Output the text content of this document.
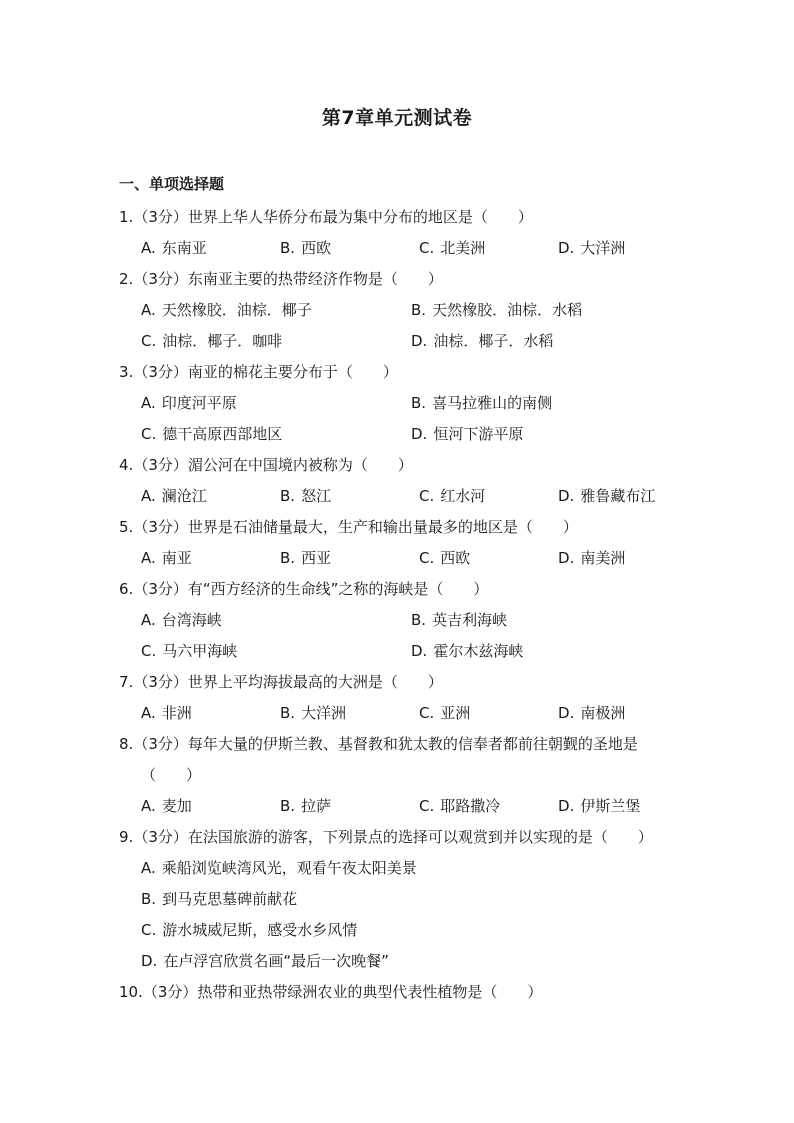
第7章单元测试卷
一、单项选择题
1.（3分）世界上华人华侨分布最为集中分布的地区是（　　）
A. 东南亚	B. 西欧	C. 北美洲	D. 大洋洲
2.（3分）东南亚主要的热带经济作物是（　　）
A. 天然橡胶．油棕．椰子	B. 天然橡胶．油棕．水稻
C. 油棕．椰子．咖啡	D. 油棕．椰子．水稻
3.（3分）南亚的棉花主要分布于（　　）
A. 印度河平原	B. 喜马拉雅山的南侧
C. 德干高原西部地区	D. 恒河下游平原
4.（3分）湄公河在中国境内被称为（　　）
A. 澜沧江	B. 怒江	C. 红水河	D. 雅鲁藏布江
5.（3分）世界是石油储量最大，生产和输出量最多的地区是（　　）
A. 南亚	B. 西亚	C. 西欧	D. 南美洲
6.（3分）有“西方经济的生命线”之称的海峡是（　　）
A. 台湾海峡	B. 英吉利海峡
C. 马六甲海峡	D. 霍尔木兹海峡
7.（3分）世界上平均海拔最高的大洲是（　　）
A. 非洲	B. 大洋洲	C. 亚洲	D. 南极洲
8.（3分）每年大量的伊斯兰教、基督教和犹太教的信奉者都前往朝觐的圣地是
（　　）
A. 麦加	B. 拉萨	C. 耶路撒冷	D. 伊斯兰堡
9.（3分）在法国旅游的游客，下列景点的选择可以观赏到并以实现的是（　　）
A. 乘船浏览峡湾风光，观看午夜太阳美景
B. 到马克思墓碑前献花
C. 游水城威尼斯，感受水乡风情
D. 在卢浮宫欣赏名画“最后一次晚餐”
10.（3分）热带和亚热带绿洲农业的典型代表性植物是（　　）
